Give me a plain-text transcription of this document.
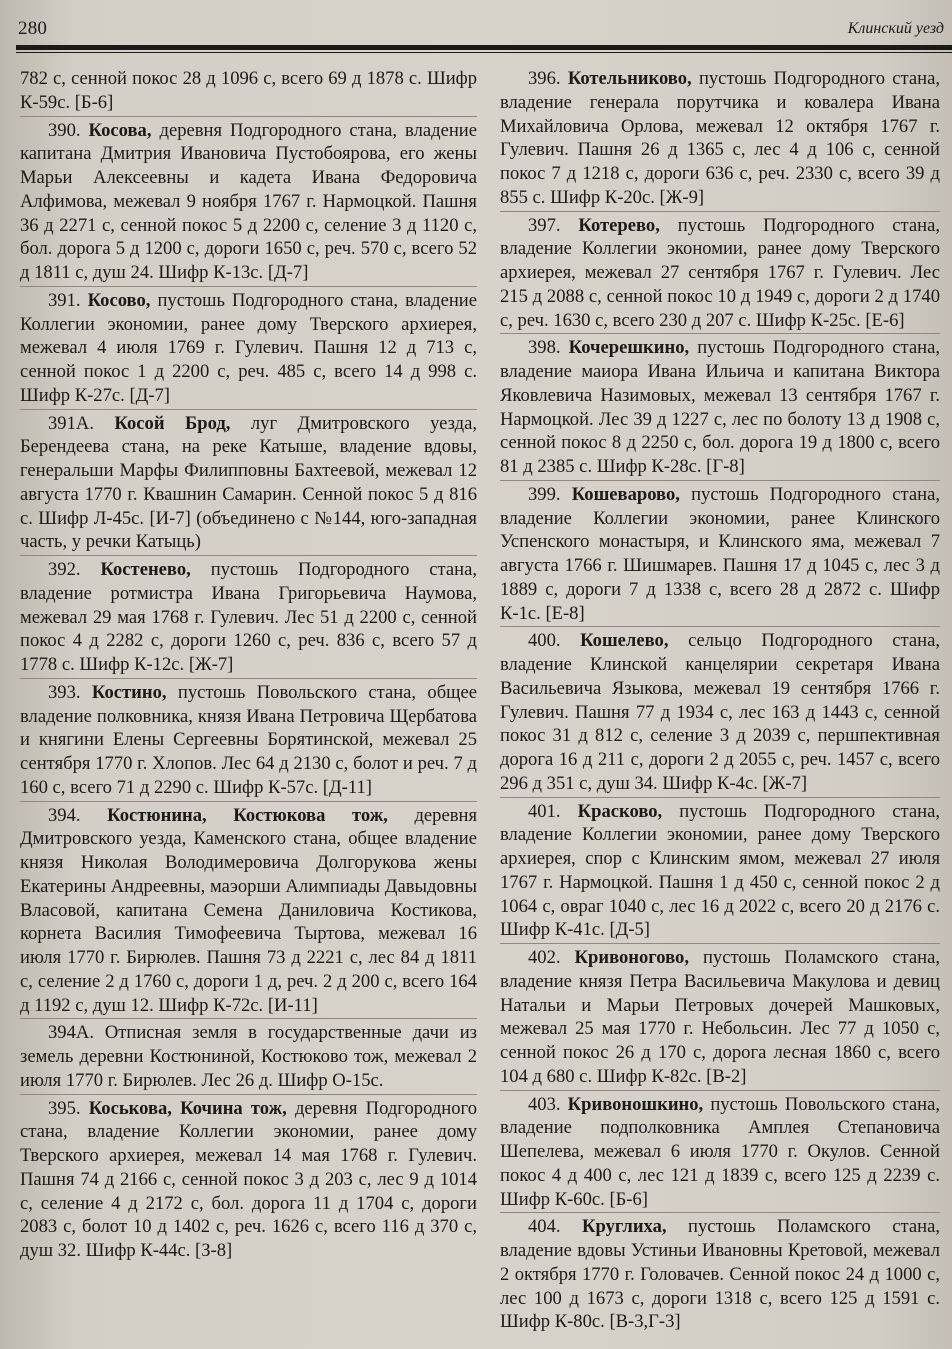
280	Клинский уезд

782 с, сенной покос 28 д 1096 с, всего 69 д 1878 с. Шифр К-59с. [Б-6]

390. Косова, деревня Подгородного стана, владение капитана Дмитрия Ивановича Пустобоярова, его жены Марьи Алексеевны и кадета Ивана Федоровича Алфимова, межевал 9 ноября 1767 г. Нармоцкой. Пашня 36 д 2271 с, сенной покос 5 д 2200 с, селение 3 д 1120 с, бол. дорога 5 д 1200 с, дороги 1650 с, реч. 570 с, всего 52 д 1811 с, душ 24. Шифр К-13с. [Д-7]

391. Косово, пустошь Подгородного стана, владение Коллегии экономии, ранее дому Тверского архиерея, межевал 4 июля 1769 г. Гулевич. Пашня 12 д 713 с, сенной покос 1 д 2200 с, реч. 485 с, всего 14 д 998 с. Шифр К-27с. [Д-7]

391А. Косой Брод, луг Дмитровского уезда, Берендеева стана, на реке Катыше, владение вдовы, генеральши Марфы Филипповны Бахтеевой, межевал 12 августа 1770 г. Квашнин Самарин. Сенной покос 5 д 816 с. Шифр Л-45с. [И-7] (объединено с №144, юго-западная часть, у речки Катыць)

392. Костенево, пустошь Подгородного стана, владение ротмистра Ивана Григорьевича Наумова, межевал 29 мая 1768 г. Гулевич. Лес 51 д 2200 с, сенной покос 4 д 2282 с, дороги 1260 с, реч. 836 с, всего 57 д 1778 с. Шифр К-12с. [Ж-7]

393. Костино, пустошь Повольского стана, общее владение полковника, князя Ивана Петровича Щербатова и княгини Елены Сергеевны Борятинской, межевал 25 сентября 1770 г. Хлопов. Лес 64 д 2130 с, болот и реч. 7 д 160 с, всего 71 д 2290 с. Шифр К-57с. [Д-11]

394. Костюнина, Костюкова тож, деревня Дмитровского уезда, Каменского стана, общее владение князя Николая Володимеровича Долгорукова жены Екатерины Андреевны, маэорши Алимпиады Давыдовны Власовой, капитана Семена Даниловича Костикова, корнета Василия Тимофеевича Тыртова, межевал 16 июля 1770 г. Бирюлев. Пашня 73 д 2221 с, лес 84 д 1811 с, селение 2 д 1760 с, дороги 1 д, реч. 2 д 200 с, всего 164 д 1192 с, душ 12. Шифр К-72с. [И-11]

394А. Отписная земля в государственные дачи из земель деревни Костюниной, Костюково тож, межевал 2 июля 1770 г. Бирюлев. Лес 26 д. Шифр О-15с.

395. Коськова, Кочина тож, деревня Подгородного стана, владение Коллегии экономии, ранее дому Тверского архиерея, межевал 14 мая 1768 г. Гулевич. Пашня 74 д 2166 с, сенной покос 3 д 203 с, лес 9 д 1014 с, селение 4 д 2172 с, бол. дорога 11 д 1704 с, дороги 2083 с, болот 10 д 1402 с, реч. 1626 с, всего 116 д 370 с, душ 32. Шифр К-44с. [З-8]

396. Котельниково, пустошь Подгородного стана, владение генерала порутчика и ковалера Ивана Михайловича Орлова, межевал 12 октября 1767 г. Гулевич. Пашня 26 д 1365 с, лес 4 д 106 с, сенной покос 7 д 1218 с, дороги 636 с, реч. 2330 с, всего 39 д 855 с. Шифр К-20с. [Ж-9]

397. Котерево, пустошь Подгородного стана, владение Коллегии экономии, ранее дому Тверского архиерея, межевал 27 сентября 1767 г. Гулевич. Лес 215 д 2088 с, сенной покос 10 д 1949 с, дороги 2 д 1740 с, реч. 1630 с, всего 230 д 207 с. Шифр К-25с. [Е-6]

398. Кочерешкино, пустошь Подгородного стана, владение маиора Ивана Ильича и капитана Виктора Яковлевича Назимовых, межевал 13 сентября 1767 г. Нармоцкой. Лес 39 д 1227 с, лес по болоту 13 д 1908 с, сенной покос 8 д 2250 с, бол. дорога 19 д 1800 с, всего 81 д 2385 с. Шифр К-28с. [Г-8]

399. Кошеварово, пустошь Подгородного стана, владение Коллегии экономии, ранее Клинского Успенского монастыря, и Клинского яма, межевал 7 августа 1766 г. Шишмарев. Пашня 17 д 1045 с, лес 3 д 1889 с, дороги 7 д 1338 с, всего 28 д 2872 с. Шифр К-1с. [Е-8]

400. Кошелево, сельцо Подгородного стана, владение Клинской канцелярии секретаря Ивана Васильевича Языкова, межевал 19 сентября 1766 г. Гулевич. Пашня 77 д 1934 с, лес 163 д 1443 с, сенной покос 31 д 812 с, селение 3 д 2039 с, першпективная дорога 16 д 211 с, дороги 2 д 2055 с, реч. 1457 с, всего 296 д 351 с, душ 34. Шифр К-4с. [Ж-7]

401. Красково, пустошь Подгородного стана, владение Коллегии экономии, ранее дому Тверского архиерея, спор с Клинским ямом, межевал 27 июля 1767 г. Нармоцкой. Пашня 1 д 450 с, сенной покос 2 д 1064 с, овраг 1040 с, лес 16 д 2022 с, всего 20 д 2176 с. Шифр К-41с. [Д-5]

402. Кривоногово, пустошь Поламского стана, владение князя Петра Васильевича Макулова и девиц Натальи и Марьи Петровых дочерей Машковых, межевал 25 мая 1770 г. Небольсин. Лес 77 д 1050 с, сенной покос 26 д 170 с, дорога лесная 1860 с, всего 104 д 680 с. Шифр К-82с. [В-2]

403. Кривоношкино, пустошь Повольского стана, владение подполковника Амплея Степановича Шепелева, межевал 6 июля 1770 г. Окулов. Сенной покос 4 д 400 с, лес 121 д 1839 с, всего 125 д 2239 с. Шифр К-60с. [Б-6]

404. Круглиха, пустошь Поламского стана, владение вдовы Устиньи Ивановны Кретовой, межевал 2 октября 1770 г. Головачев. Сенной покос 24 д 1000 с, лес 100 д 1673 с, дороги 1318 с, всего 125 д 1591 с. Шифр К-80с. [В-3,Г-3]
